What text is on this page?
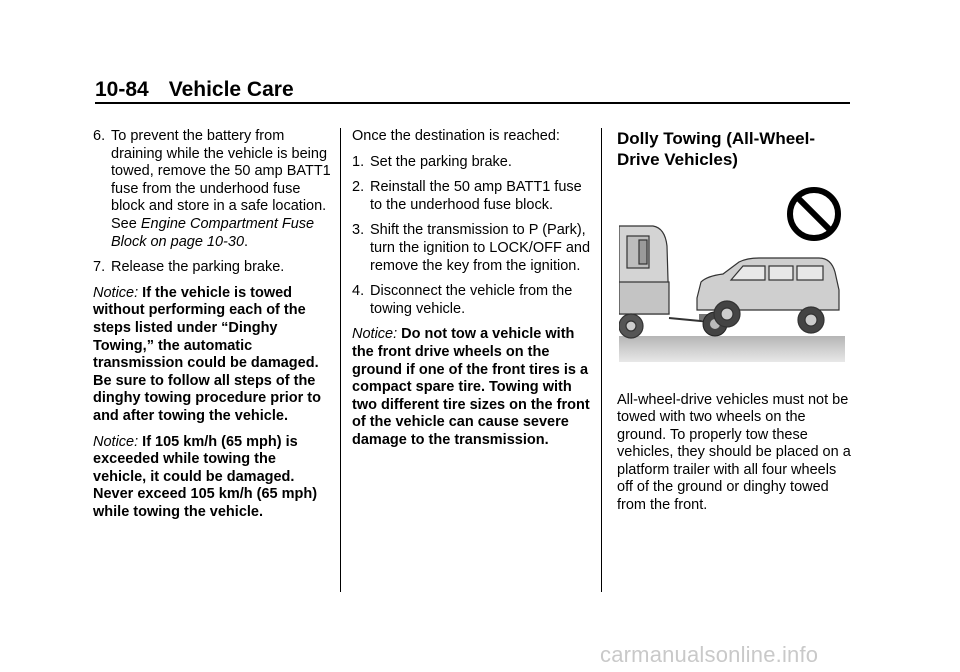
10-84 Vehicle Care
6. To prevent the battery from draining while the vehicle is being towed, remove the 50 amp BATT1 fuse from the underhood fuse block and store in a safe location. See Engine Compartment Fuse Block on page 10-30.
7. Release the parking brake.

Notice: If the vehicle is towed without performing each of the steps listed under “Dinghy Towing,” the automatic transmission could be damaged. Be sure to follow all steps of the dinghy towing procedure prior to and after towing the vehicle.

Notice: If 105 km/h (65 mph) is exceeded while towing the vehicle, it could be damaged. Never exceed 105 km/h (65 mph) while towing the vehicle.

Once the destination is reached:

1. Set the parking brake.
2. Reinstall the 50 amp BATT1 fuse to the underhood fuse block.
3. Shift the transmission to P (Park), turn the ignition to LOCK/OFF and remove the key from the ignition.
4. Disconnect the vehicle from the towing vehicle.

Notice: Do not tow a vehicle with the front drive wheels on the ground if one of the front tires is a compact spare tire. Towing with two different tire sizes on the front of the vehicle can cause severe damage to the transmission.

Dolly Towing (All-Wheel-Drive Vehicles)

All-wheel-drive vehicles must not be towed with two wheels on the ground. To properly tow these vehicles, they should be placed on a platform trailer with all four wheels off of the ground or dinghy towed from the front.

carmanualsonline.info
